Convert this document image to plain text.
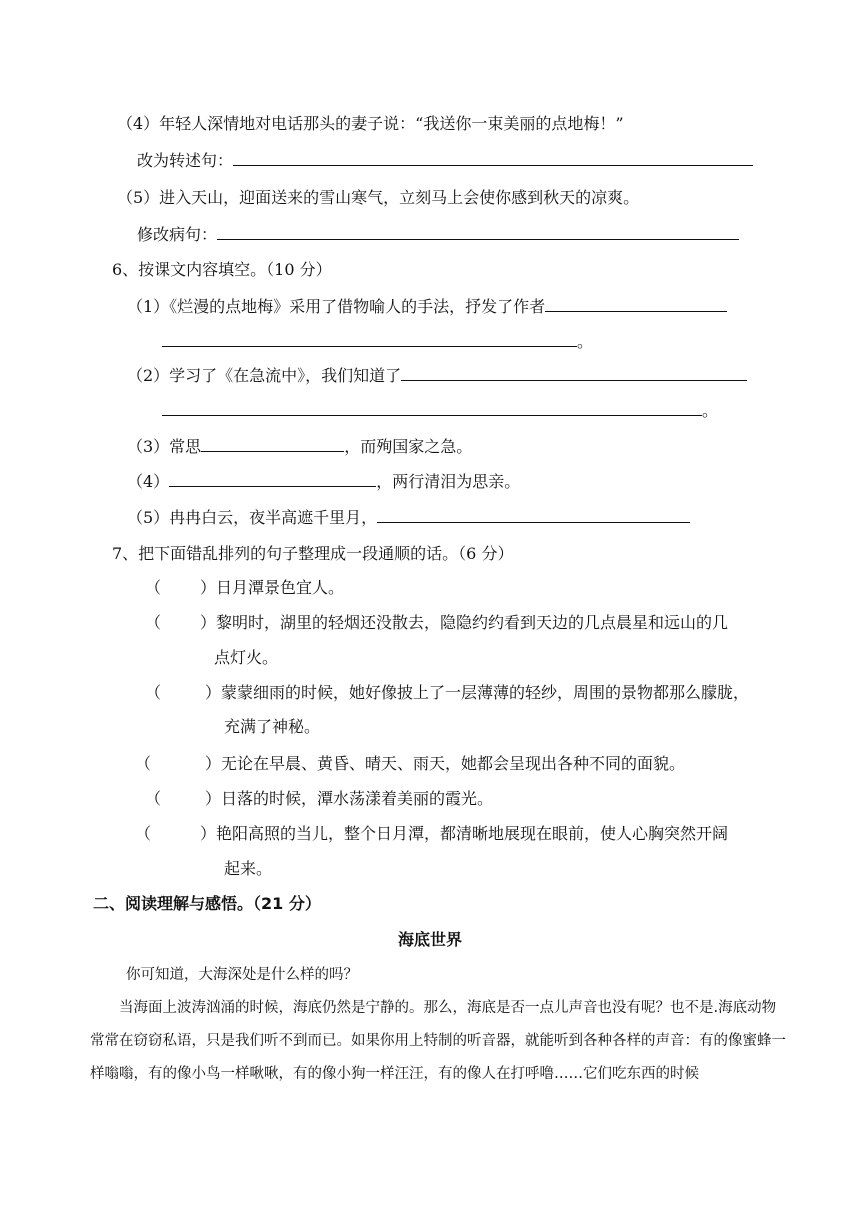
（4）年轻人深情地对电话那头的妻子说：“我送你一束美丽的点地梅！”
改为转述句：
（5）进入天山，迎面送来的雪山寒气，立刻马上会使你感到秋天的凉爽。
修改病句：
6、按课文内容填空。（10 分）
（1）《烂漫的点地梅》采用了借物喻人的手法，抒发了作者
。
（2）学习了《在急流中》，我们知道了
。
（3）常思	，而殉国家之急。
（4）	，两行清泪为思亲。
（5）冉冉白云，夜半高遮千里月，
7、把下面错乱排列的句子整理成一段通顺的话。（6 分）
（ ）日月潭景色宜人。
（ ）黎明时，湖里的轻烟还没散去，隐隐约约看到天边的几点晨星和远山的几
点灯火。
（	）蒙蒙细雨的时候，她好像披上了一层薄薄的轻纱，周围的景物都那么朦胧，
充满了神秘。
（	）无论在早晨、黄昏、晴天、雨天，她都会呈现出各种不同的面貌。
（	）日落的时候，潭水荡漾着美丽的霞光。
（	）艳阳高照的当儿，整个日月潭，都清晰地展现在眼前，使人心胸突然开阔
起来。
二、阅读理解与感悟。（21 分）
海底世界
你可知道，大海深处是什么样的吗？
当海面上波涛汹涌的时候，海底仍然是宁静的。那么，海底是否一点儿声音也没有呢？也不是.海底动物常常在窃窃私语，只是我们听不到而已。如果你用上特制的听音器，就能听到各种各样的声音：有的像蜜蜂一样嗡嗡，有的像小鸟一样啾啾，有的像小狗一样汪汪，有的像人在打呼噜……它们吃东西的时候
